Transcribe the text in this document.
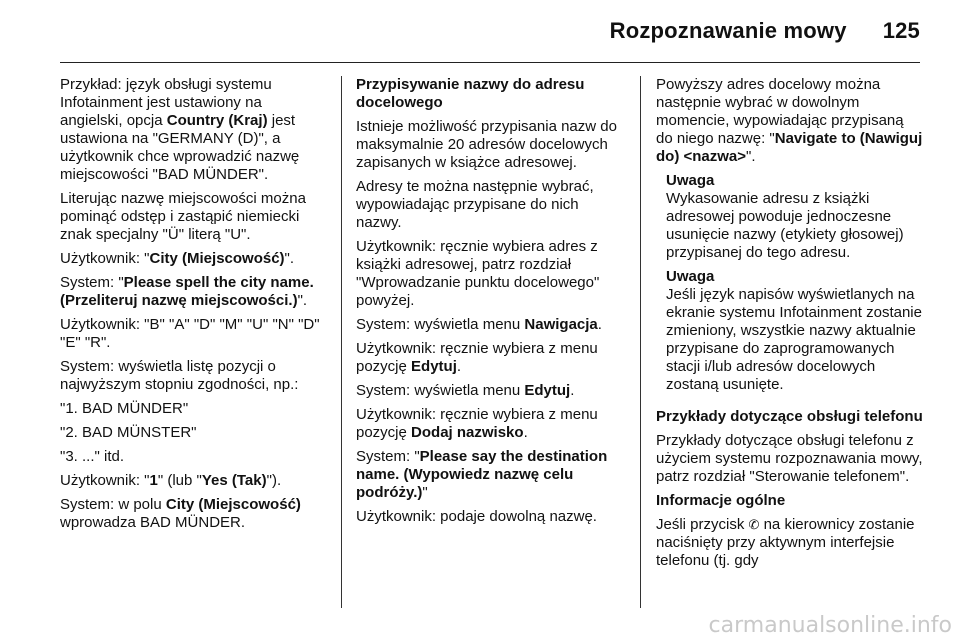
Rozpoznawanie mowy 125

Przykład: język obsługi systemu Infotainment jest ustawiony na angielski, opcja Country (Kraj) jest ustawiona na "GERMANY (D)", a użytkownik chce wprowadzić nazwę miejscowości "BAD MÜNDER".

Literując nazwę miejscowości można pominąć odstęp i zastąpić niemiecki znak specjalny "Ü" literą "U".

Użytkownik: "City (Miejscowość)".

System: "Please spell the city name. (Przeliteruj nazwę miejscowości.)".

Użytkownik: "B" "A" "D" "M" "U" "N" "D" "E" "R".

System: wyświetla listę pozycji o najwyższym stopniu zgodności, np.:

"1. BAD MÜNDER"

"2. BAD MÜNSTER"

"3. ..." itd.

Użytkownik: "1" (lub "Yes (Tak)").

System: w polu City (Miejscowość) wprowadza BAD MÜNDER.

Przypisywanie nazwy do adresu docelowego

Istnieje możliwość przypisania nazw do maksymalnie 20 adresów docelowych zapisanych w książce adresowej.

Adresy te można następnie wybrać, wypowiadając przypisane do nich nazwy.

Użytkownik: ręcznie wybiera adres z książki adresowej, patrz rozdział "Wprowadzanie punktu docelowego" powyżej.

System: wyświetla menu Nawigacja.

Użytkownik: ręcznie wybiera z menu pozycję Edytuj.

System: wyświetla menu Edytuj.

Użytkownik: ręcznie wybiera z menu pozycję Dodaj nazwisko.

System: "Please say the destination name. (Wypowiedz nazwę celu podróży.)"

Użytkownik: podaje dowolną nazwę.

Powyższy adres docelowy można następnie wybrać w dowolnym momencie, wypowiadając przypisaną do niego nazwę: "Navigate to (Nawiguj do) <nazwa>".

Uwaga

Wykasowanie adresu z książki adresowej powoduje jednoczesne usunięcie nazwy (etykiety głosowej) przypisanej do tego adresu.

Uwaga

Jeśli język napisów wyświetlanych na ekranie systemu Infotainment zostanie zmieniony, wszystkie nazwy aktualnie przypisane do zaprogramowanych stacji i/lub adresów docelowych zostaną usunięte.

Przykłady dotyczące obsługi telefonu

Przykłady dotyczące obsługi telefonu z użyciem systemu rozpoznawania mowy, patrz rozdział "Sterowanie telefonem".

Informacje ogólne

Jeśli przycisk ✆ na kierownicy zostanie naciśnięty przy aktywnym interfejsie telefonu (tj. gdy

carmanualsonline.info
